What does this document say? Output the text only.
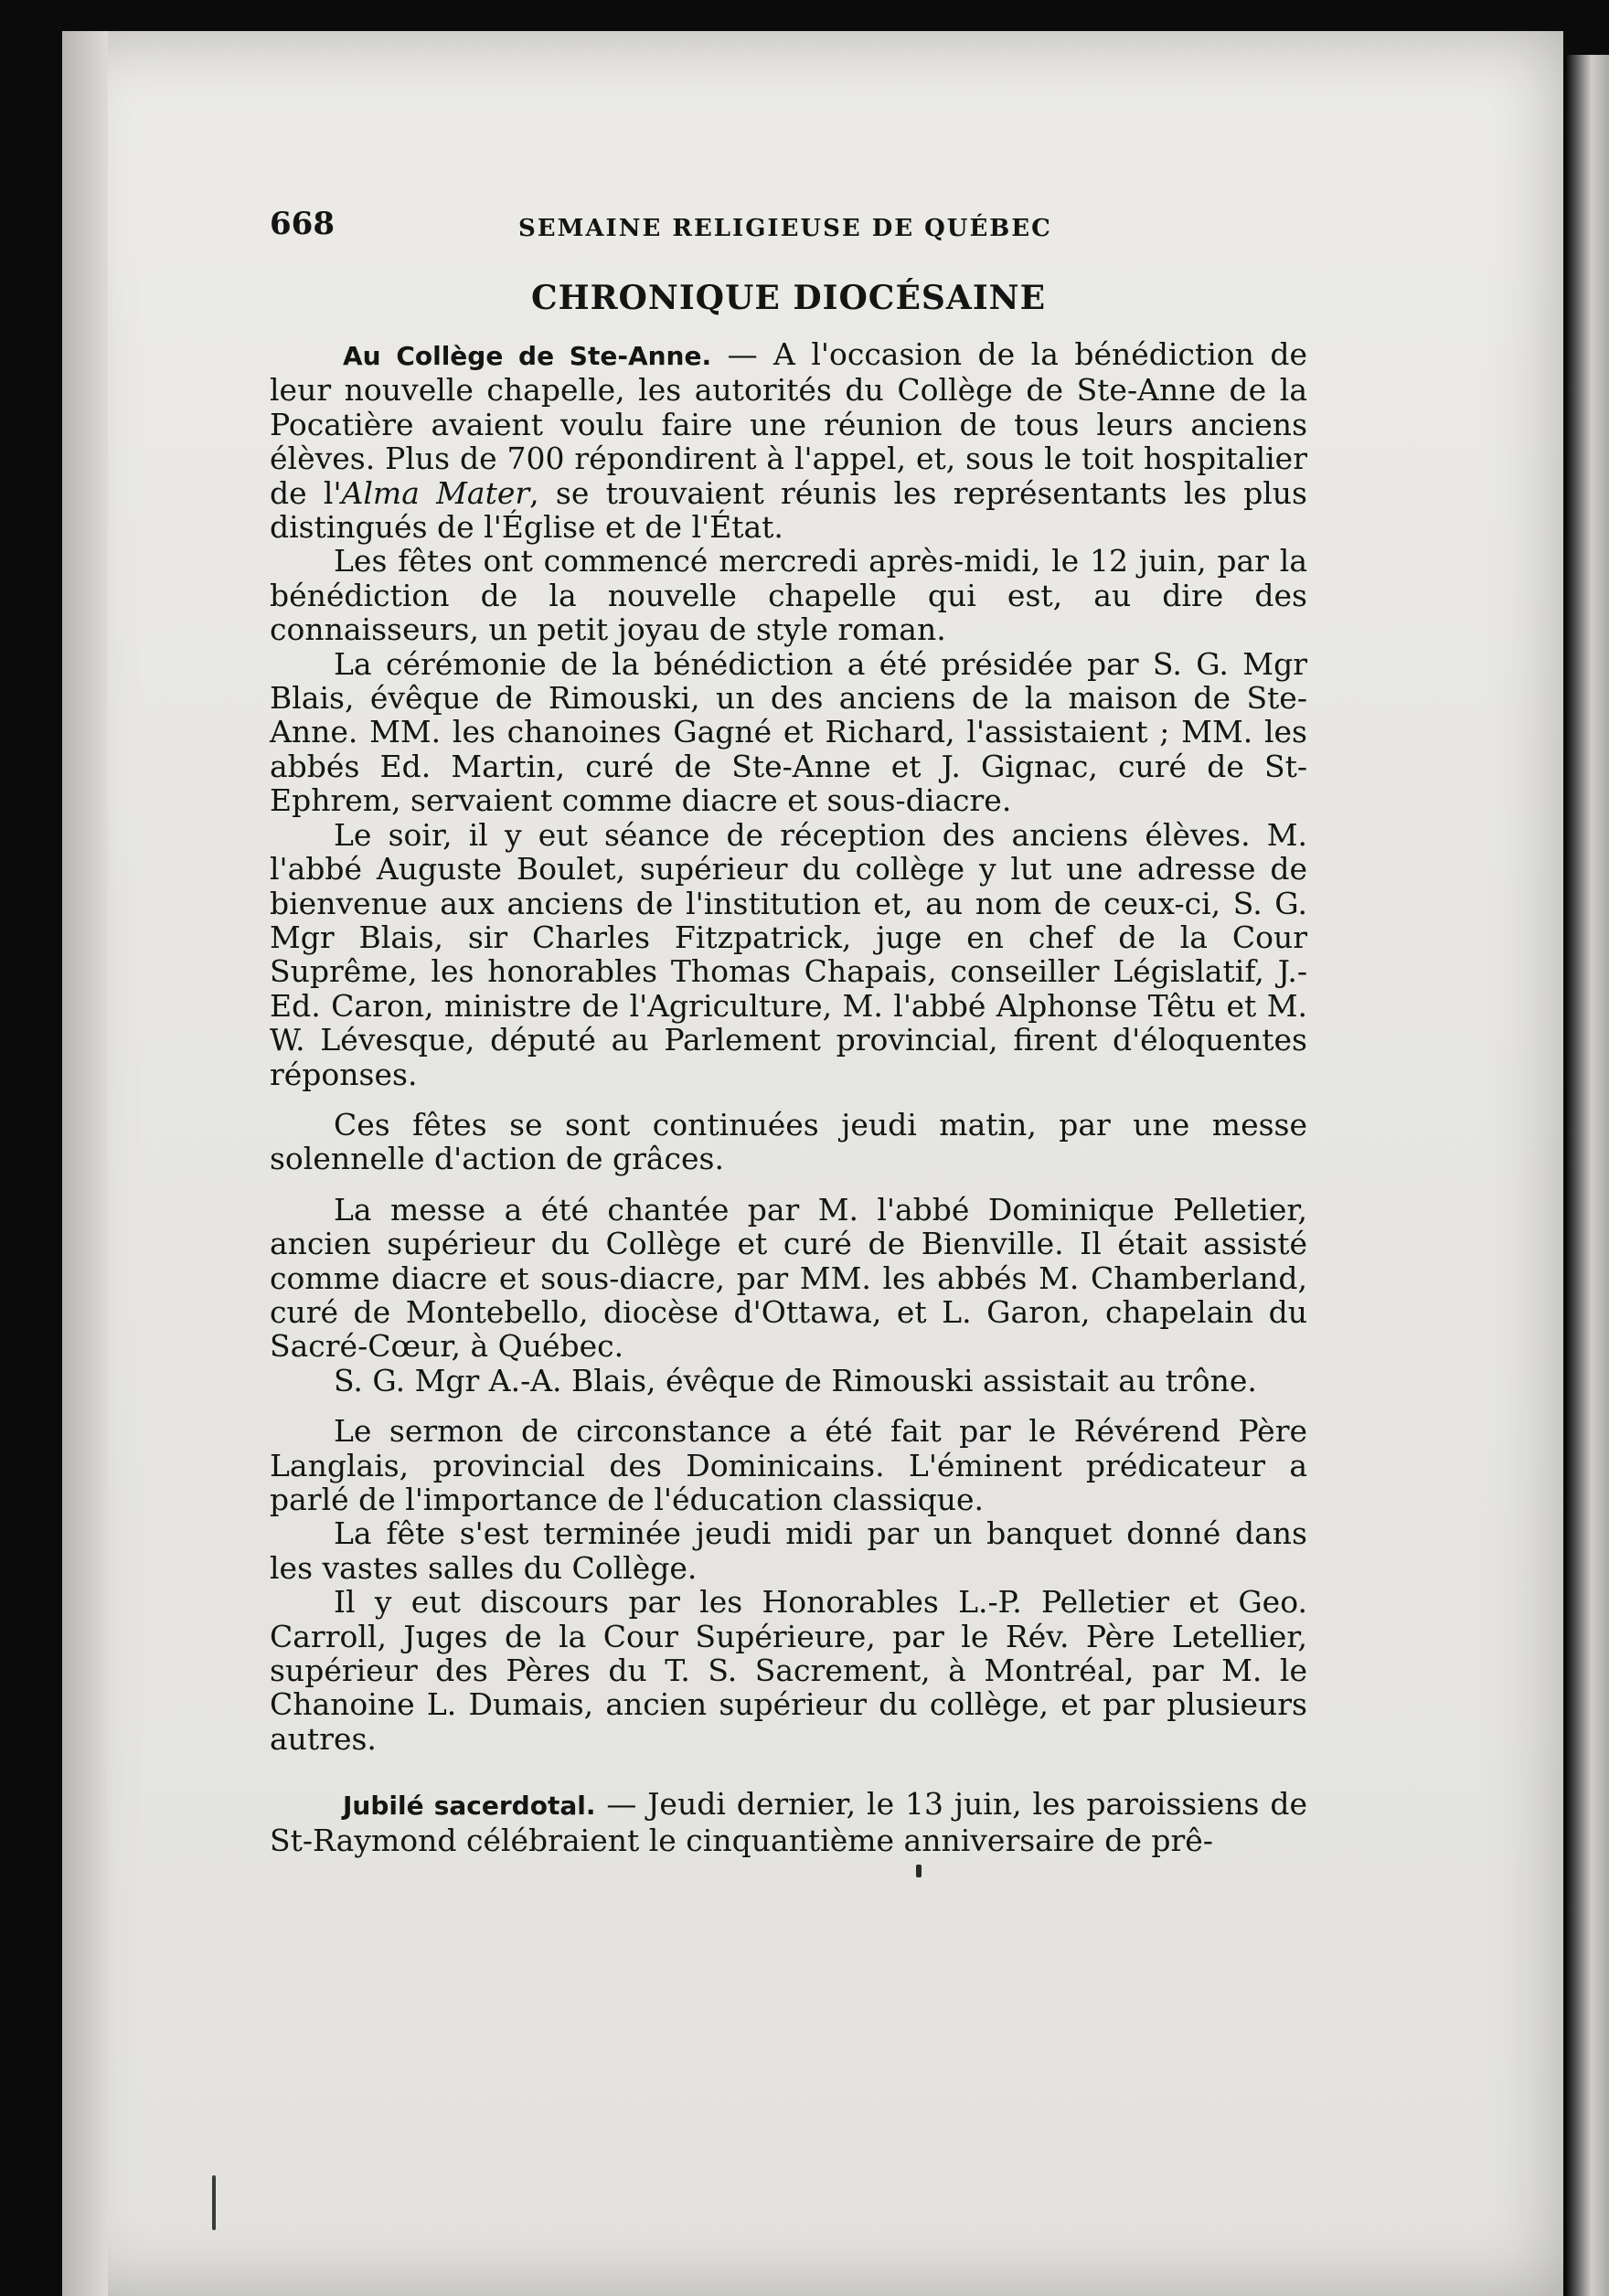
668	SEMAINE RELIGIEUSE DE QUÉBEC
CHRONIQUE DIOCÉSAINE

Au Collège de Ste-Anne. — A l'occasion de la bénédiction de leur nouvelle chapelle, les autorités du Collège de Ste-Anne de la Pocatière avaient voulu faire une réunion de tous leurs anciens élèves. Plus de 700 répondirent à l'appel, et, sous le toit hospitalier de l'Alma Mater, se trouvaient réunis les représentants les plus distingués de l'Église et de l'État.

Les fêtes ont commencé mercredi après-midi, le 12 juin, par la bénédiction de la nouvelle chapelle qui est, au dire des connaisseurs, un petit joyau de style roman.

La cérémonie de la bénédiction a été présidée par S. G. Mgr Blais, évêque de Rimouski, un des anciens de la maison de Ste-Anne. MM. les chanoines Gagné et Richard, l'assistaient ; MM. les abbés Ed. Martin, curé de Ste-Anne et J. Gignac, curé de St-Ephrem, servaient comme diacre et sous-diacre.

Le soir, il y eut séance de réception des anciens élèves. M. l'abbé Auguste Boulet, supérieur du collège y lut une adresse de bienvenue aux anciens de l'institution et, au nom de ceux-ci, S. G. Mgr Blais, sir Charles Fitzpatrick, juge en chef de la Cour Suprême, les honorables Thomas Chapais, conseiller Législatif, J.-Ed. Caron, ministre de l'Agriculture, M. l'abbé Alphonse Têtu et M. W. Lévesque, député au Parlement provincial, firent d'éloquentes réponses.

Ces fêtes se sont continuées jeudi matin, par une messe solennelle d'action de grâces.

La messe a été chantée par M. l'abbé Dominique Pelletier, ancien supérieur du Collège et curé de Bienville. Il était assisté comme diacre et sous-diacre, par MM. les abbés M. Chamberland, curé de Montebello, diocèse d'Ottawa, et L. Garon, chapelain du Sacré-Cœur, à Québec.

S. G. Mgr A.-A. Blais, évêque de Rimouski assistait au trône.

Le sermon de circonstance a été fait par le Révérend Père Langlais, provincial des Dominicains. L'éminent prédicateur a parlé de l'importance de l'éducation classique.

La fête s'est terminée jeudi midi par un banquet donné dans les vastes salles du Collège.

Il y eut discours par les Honorables L.-P. Pelletier et Geo. Carroll, Juges de la Cour Supérieure, par le Rév. Père Letellier, supérieur des Pères du T. S. Sacrement, à Montréal, par M. le Chanoine L. Dumais, ancien supérieur du collège, et par plusieurs autres.

Jubilé sacerdotal. — Jeudi dernier, le 13 juin, les paroissiens de St-Raymond célébraient le cinquantième anniversaire de prê-
